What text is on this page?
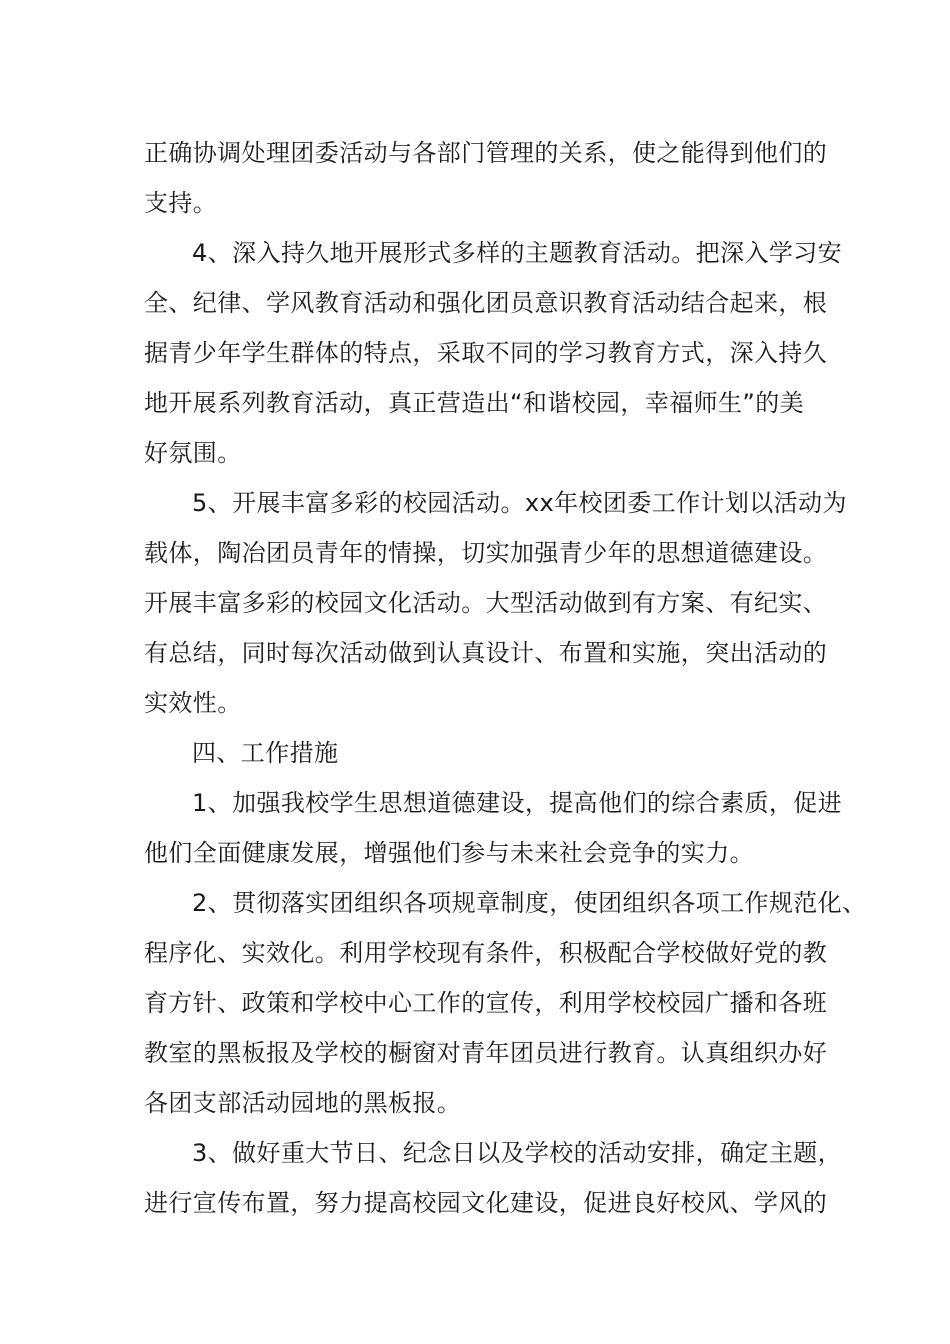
正确协调处理团委活动与各部门管理的关系，使之能得到他们的
支持。
4、深入持久地开展形式多样的主题教育活动。把深入学习安
全、纪律、学风教育活动和强化团员意识教育活动结合起来，根
据青少年学生群体的特点，采取不同的学习教育方式，深入持久
地开展系列教育活动，真正营造出“和谐校园，幸福师生”的美
好氛围。
5、开展丰富多彩的校园活动。xx年校团委工作计划以活动为
载体，陶冶团员青年的情操，切实加强青少年的思想道德建设。
开展丰富多彩的校园文化活动。大型活动做到有方案、有纪实、
有总结，同时每次活动做到认真设计、布置和实施，突出活动的
实效性。
四、工作措施
1、加强我校学生思想道德建设，提高他们的综合素质，促进
他们全面健康发展，增强他们参与未来社会竞争的实力。
2、贯彻落实团组织各项规章制度，使团组织各项工作规范化、
程序化、实效化。利用学校现有条件，积极配合学校做好党的教
育方针、政策和学校中心工作的宣传，利用学校校园广播和各班
教室的黑板报及学校的橱窗对青年团员进行教育。认真组织办好
各团支部活动园地的黑板报。
3、做好重大节日、纪念日以及学校的活动安排，确定主题，
进行宣传布置，努力提高校园文化建设，促进良好校风、学风的
